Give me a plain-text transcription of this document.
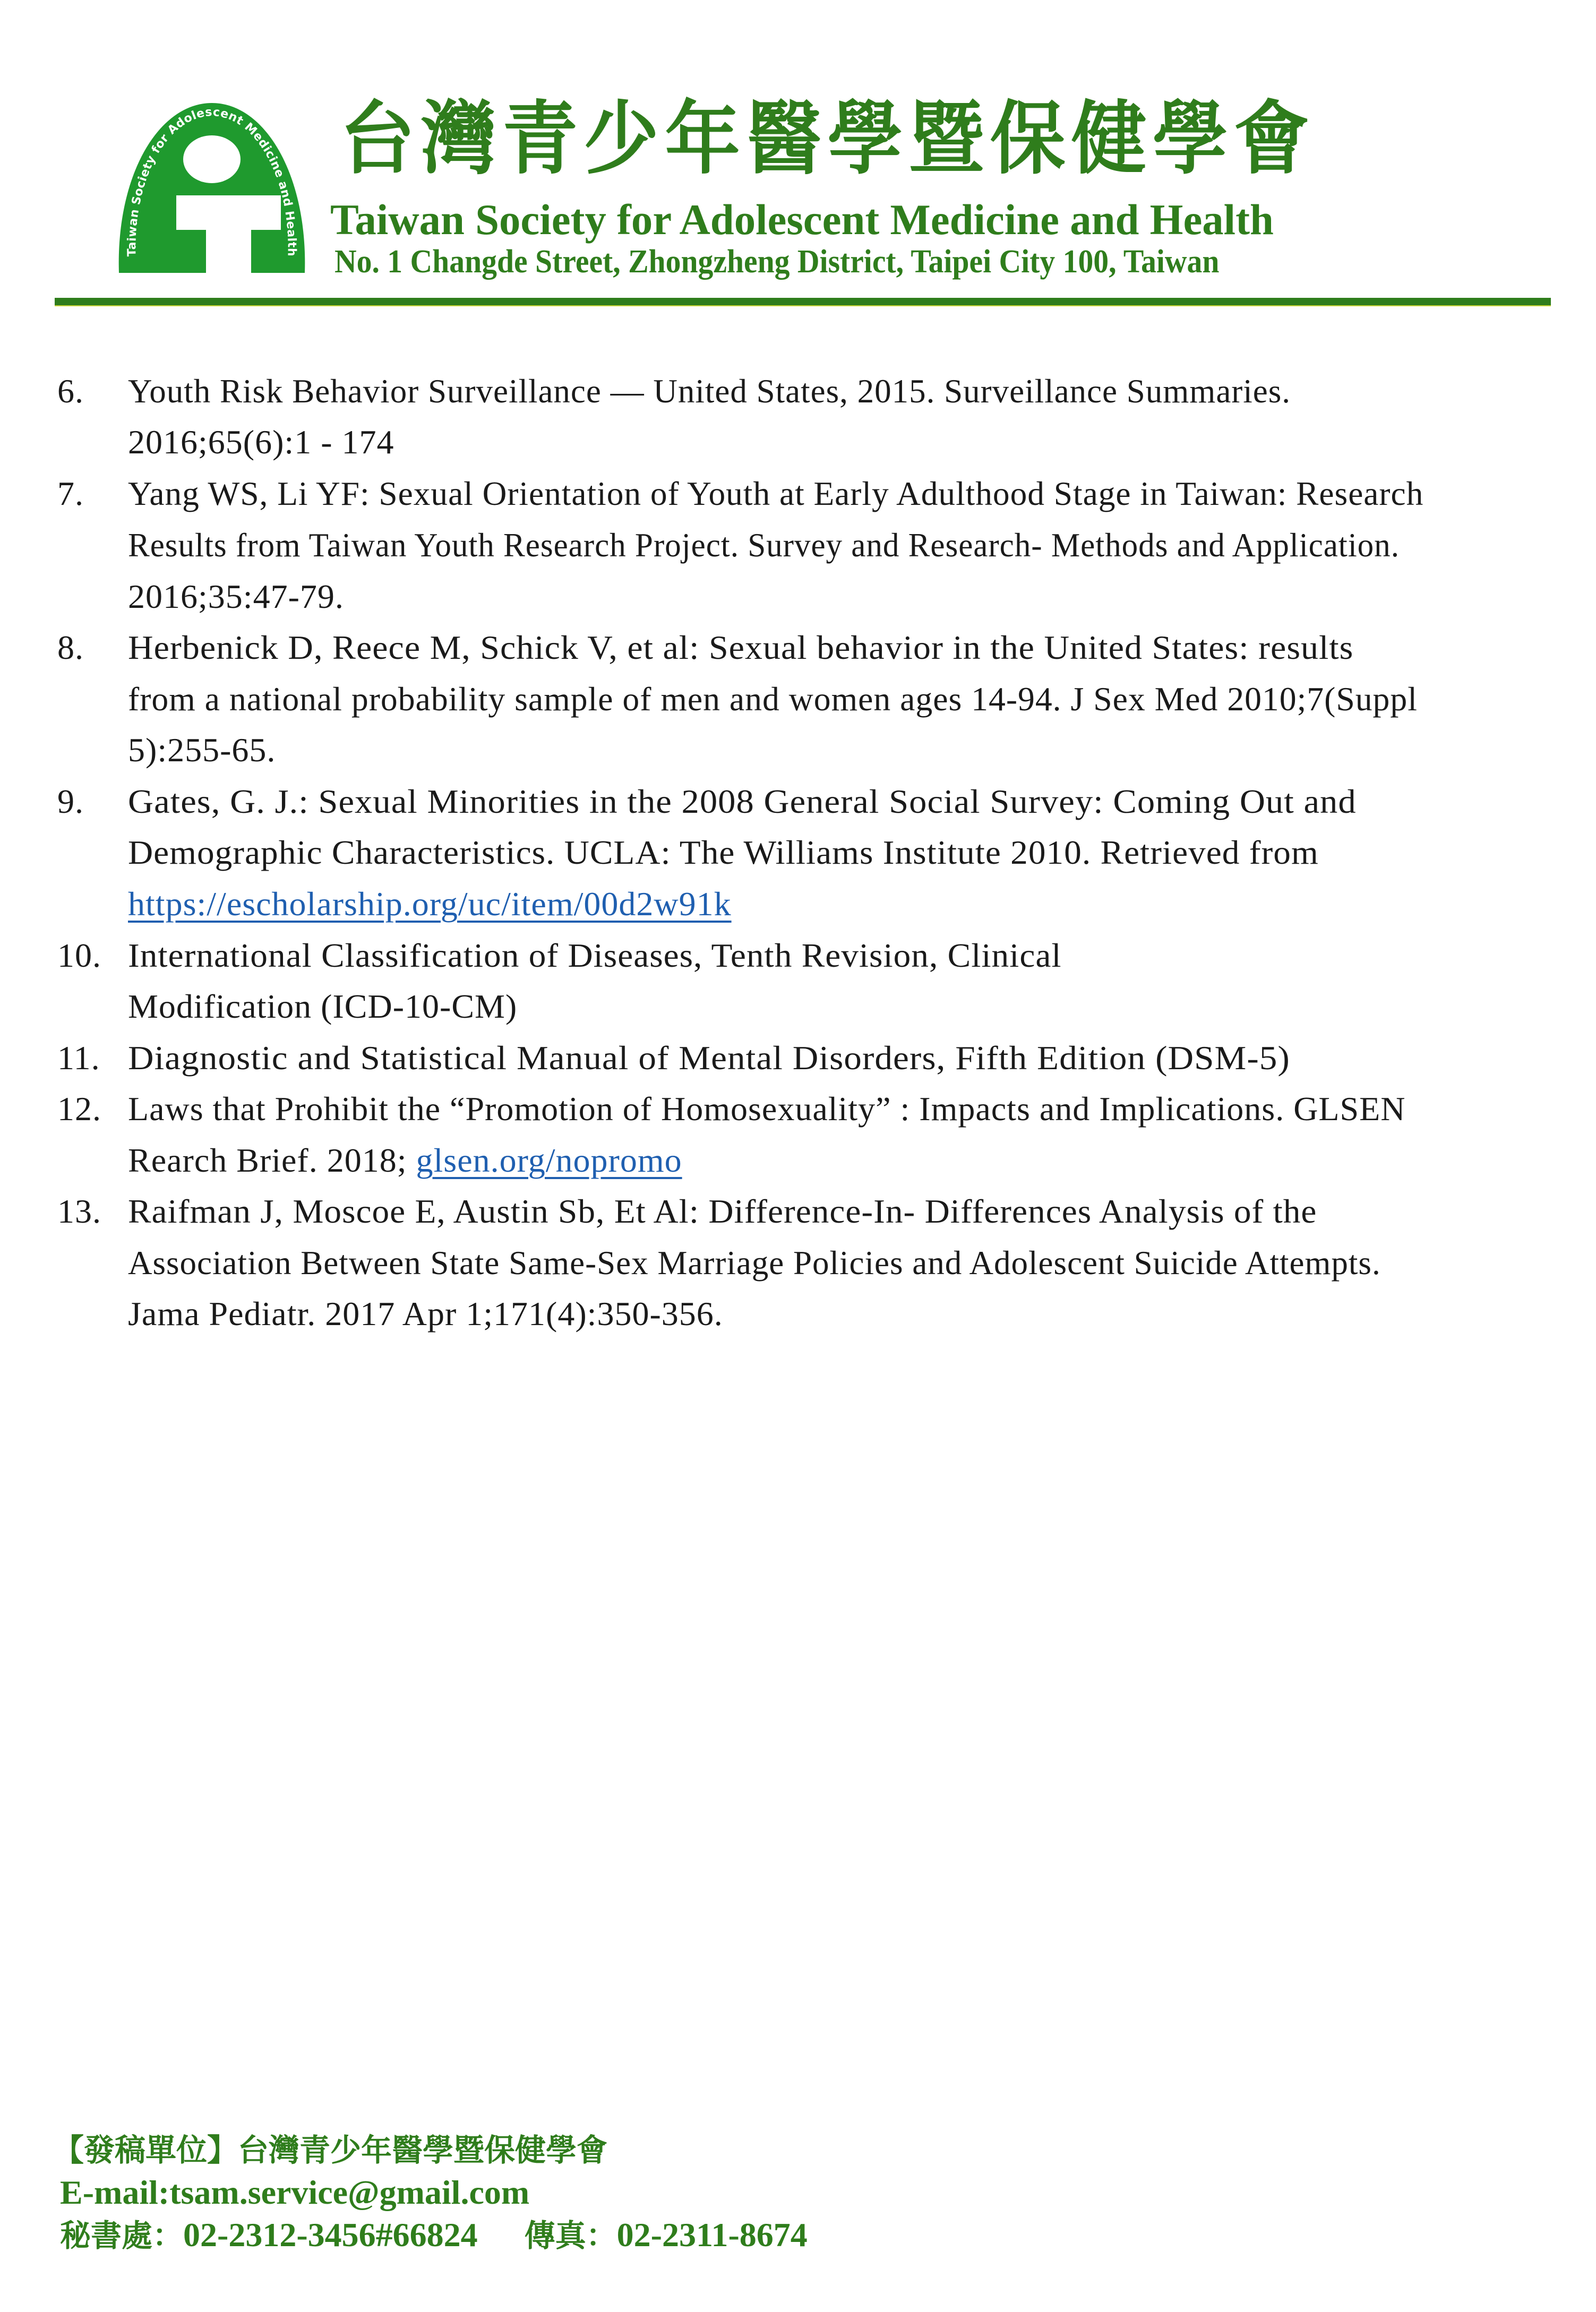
Taiwan Society for Adolescent Medicine and Health
台灣青少年醫學暨保健學會
Taiwan Society for Adolescent Medicine and Health
No. 1 Changde Street, Zhongzheng District, Taipei City 100, Taiwan
6. Youth Risk Behavior Surveillance — United States, 2015. Surveillance Summaries.
2016;65(6):1 - 174
7. Yang WS, Li YF: Sexual Orientation of Youth at Early Adulthood Stage in Taiwan: Research
Results from Taiwan Youth Research Project. Survey and Research- Methods and Application.
2016;35:47-79.
8. Herbenick D, Reece M, Schick V, et al: Sexual behavior in the United States: results
from a national probability sample of men and women ages 14-94. J Sex Med 2010;7(Suppl
5):255-65.
9. Gates, G. J.: Sexual Minorities in the 2008 General Social Survey: Coming Out and
Demographic Characteristics. UCLA: The Williams Institute 2010. Retrieved from
https://escholarship.org/uc/item/00d2w91k
10. International Classification of Diseases, Tenth Revision, Clinical
Modification (ICD-10-CM)
11. Diagnostic and Statistical Manual of Mental Disorders, Fifth Edition (DSM-5)
12. Laws that Prohibit the “Promotion of Homosexuality” : Impacts and Implications. GLSEN
Rearch Brief. 2018; glsen.org/nopromo
13. Raifman J, Moscoe E, Austin Sb, Et Al: Difference-In- Differences Analysis of the
Association Between State Same-Sex Marriage Policies and Adolescent Suicide Attempts.
Jama Pediatr. 2017 Apr 1;171(4):350-356.
【發稿單位】台灣青少年醫學暨保健學會
E-mail:tsam.service@gmail.com
秘書處：02-2312-3456#66824 傳真：02-2311-8674
